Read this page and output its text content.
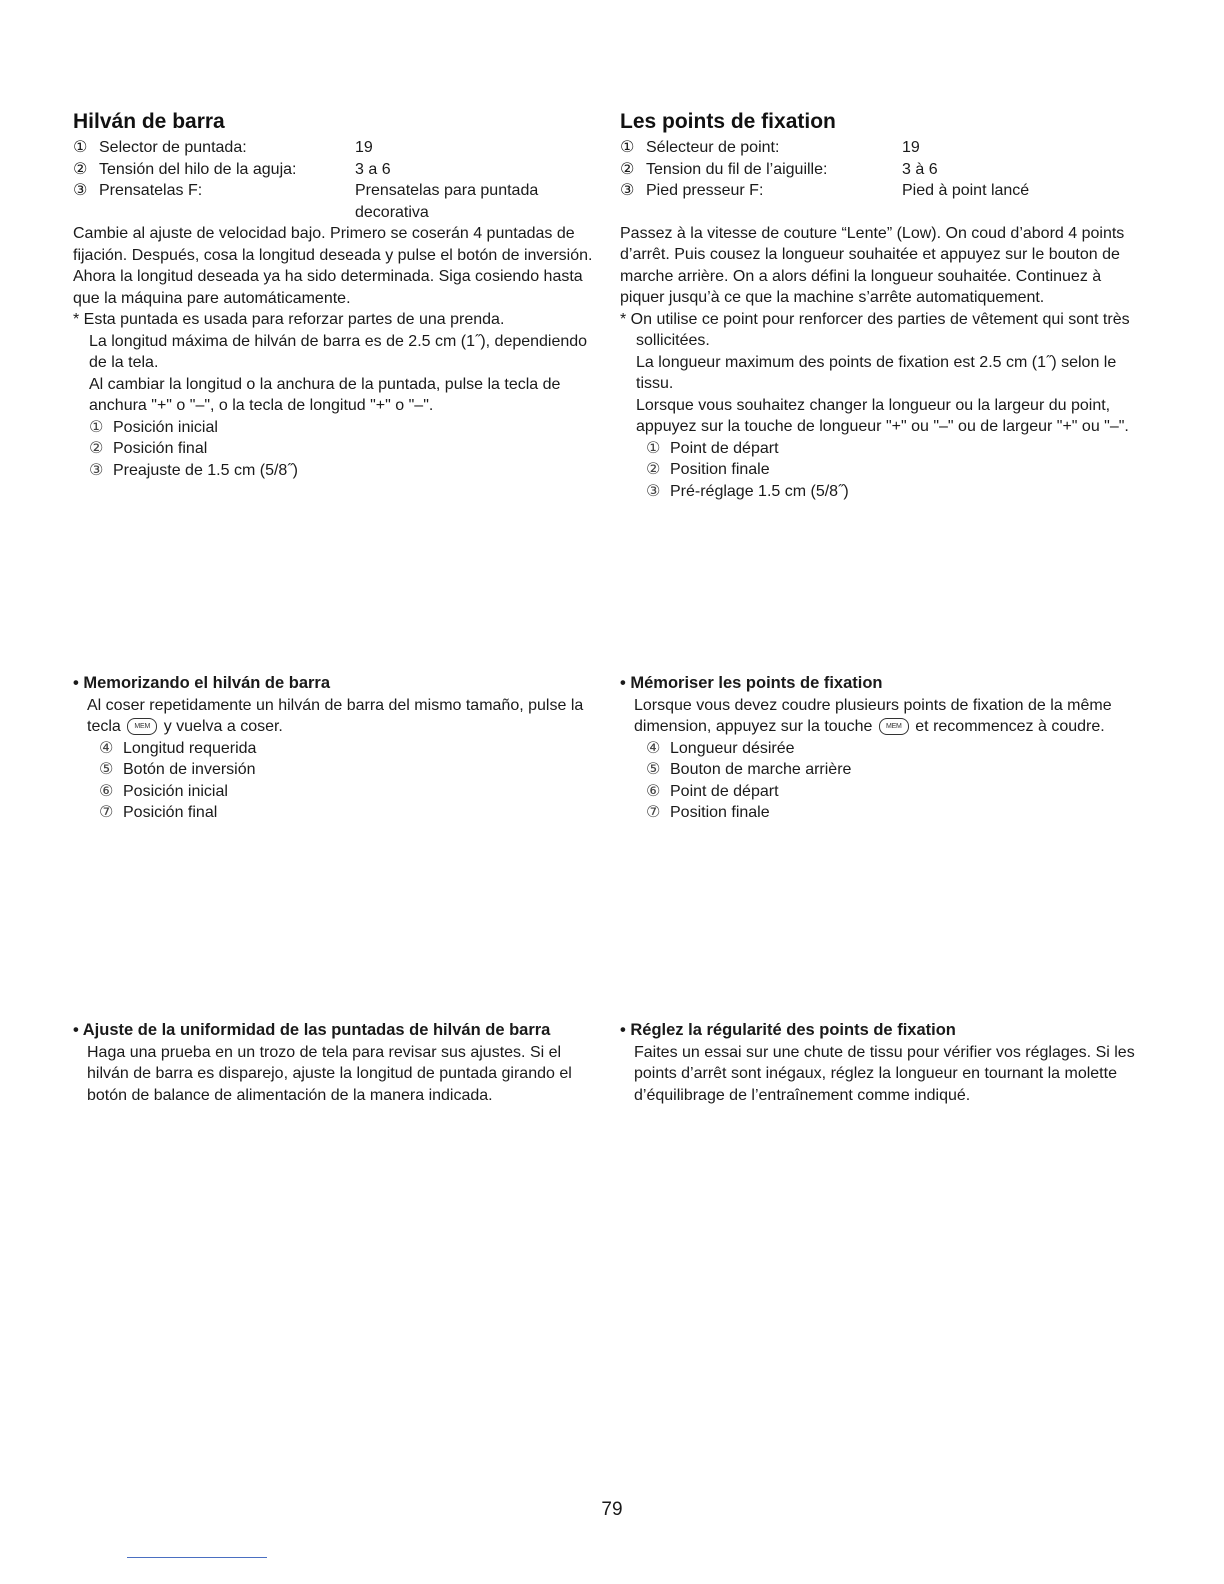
Hilván de barra
① Selector de puntada:	19
② Tensión del hilo de la aguja:	3 a 6
③ Prensatelas F:	Prensatelas para puntada decorativa

Cambie al ajuste de velocidad bajo. Primero se coserán 4 puntadas de fijación. Después, cosa la longitud deseada y pulse el botón de inversión.

Ahora la longitud deseada ya ha sido determinada. Siga cosiendo hasta que la máquina pare automáticamente.

* Esta puntada es usada para reforzar partes de una prenda.

La longitud máxima de hilván de barra es de 2.5 cm (1˝), dependiendo de la tela.

Al cambiar la longitud o la anchura de la puntada, pulse la tecla de anchura "+" o "–", o la tecla de longitud "+" o "–".

① Posición inicial
② Posición final
③ Preajuste de 1.5 cm (5/8˝)
Les points de fixation
① Sélecteur de point:	19
② Tension du fil de l’aiguille:	3 à 6
③ Pied presseur F:	Pied à point lancé

Passez à la vitesse de couture “Lente” (Low). On coud d’abord 4 points d’arrêt. Puis cousez la longueur souhaitée et appuyez sur le bouton de marche arrière. On a alors défini la longueur souhaitée. Continuez à piquer jusqu’à ce que la machine s’arrête automatiquement.

* On utilise ce point pour renforcer des parties de vêtement qui sont très sollicitées.

La longueur maximum des points de fixation est 2.5 cm (1˝) selon le tissu.

Lorsque vous souhaitez changer la longueur ou la largeur du point, appuyez sur la touche de longueur "+" ou "–" ou de largeur "+" ou "–".

① Point de départ
② Position finale
③ Pré-réglage 1.5 cm (5/8˝)

• Memorizando el hilván de barra

Al coser repetidamente un hilván de barra del mismo tamaño, pulse la tecla MEM y vuelva a coser.

④ Longitud requerida
⑤ Botón de inversión
⑥ Posición inicial
⑦ Posición final

• Mémoriser les points de fixation

Lorsque vous devez coudre plusieurs points de fixation de la même dimension, appuyez sur la touche MEM et recommencez à coudre.

④ Longueur désirée
⑤ Bouton de marche arrière
⑥ Point de départ
⑦ Position finale

• Ajuste de la uniformidad de las puntadas de hilván de barra

Haga una prueba en un trozo de tela para revisar sus ajustes. Si el hilván de barra es disparejo, ajuste la longitud de puntada girando el botón de balance de alimentación de la manera indicada.

• Réglez la régularité des points de fixation

Faites un essai sur une chute de tissu pour vérifier vos réglages. Si les points d’arrêt sont inégaux, réglez la longueur en tournant la molette d’équilibrage de l’entraînement comme indiqué.

79
